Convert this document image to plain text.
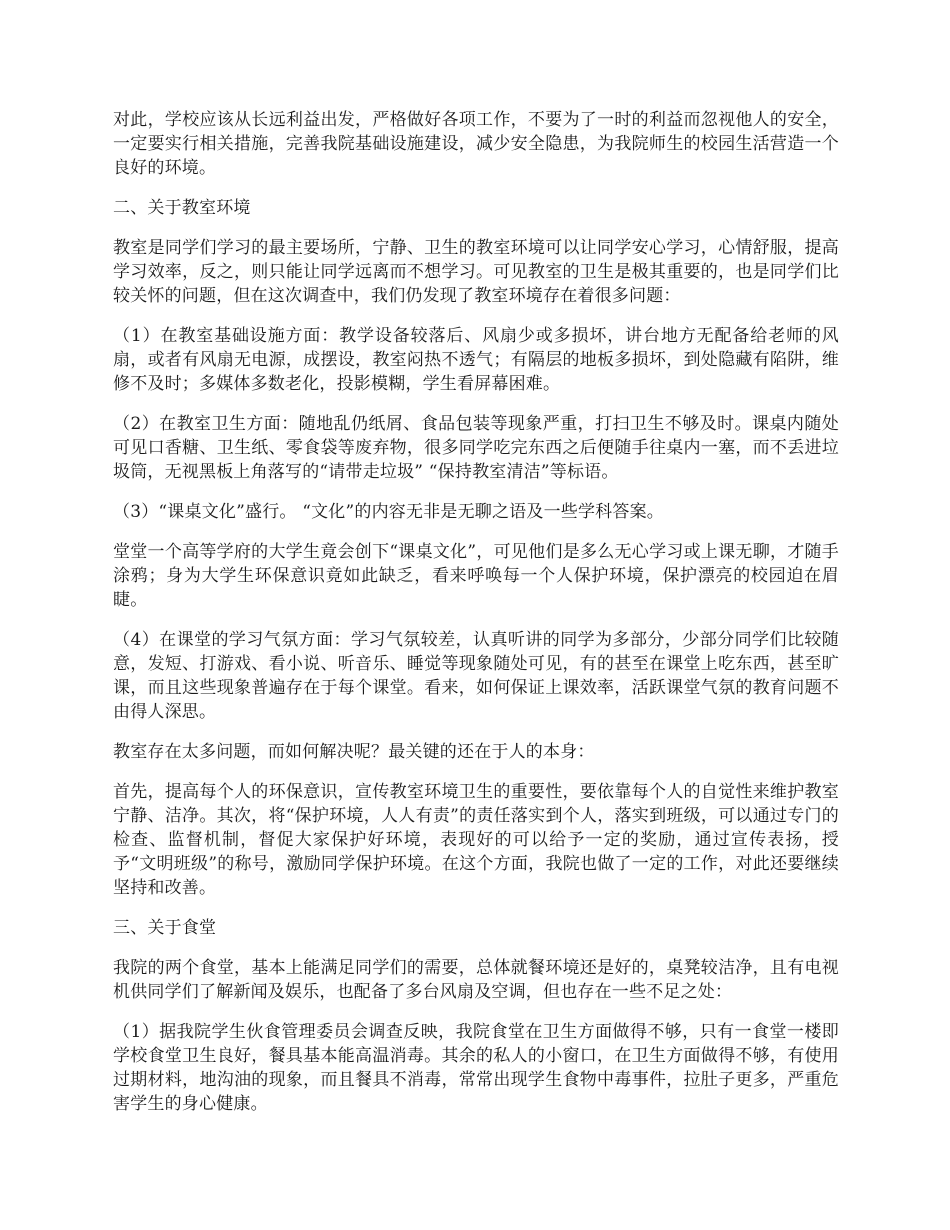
对此，学校应该从长远利益出发，严格做好各项工作，不要为了一时的利益而忽视他人的安全，一定要实行相关措施，完善我院基础设施建设，减少安全隐患，为我院师生的校园生活营造一个良好的环境。

二、关于教室环境

教室是同学们学习的最主要场所，宁静、卫生的教室环境可以让同学安心学习，心情舒服，提高学习效率，反之，则只能让同学远离而不想学习。可见教室的卫生是极其重要的，也是同学们比较关怀的问题，但在这次调查中，我们仍发现了教室环境存在着很多问题：

（1）在教室基础设施方面：教学设备较落后、风扇少或多损坏，讲台地方无配备给老师的风扇，或者有风扇无电源，成摆设，教室闷热不透气；有隔层的地板多损坏，到处隐藏有陷阱，维修不及时；多媒体多数老化，投影模糊，学生看屏幕困难。

（2）在教室卫生方面：随地乱仍纸屑、食品包装等现象严重，打扫卫生不够及时。课桌内随处可见口香糖、卫生纸、零食袋等废弃物，很多同学吃完东西之后便随手往桌内一塞，而不丢进垃圾筒，无视黑板上角落写的“请带走垃圾” “保持教室清洁”等标语。

（3）“课桌文化”盛行。 “文化”的内容无非是无聊之语及一些学科答案。

堂堂一个高等学府的大学生竟会创下“课桌文化”，可见他们是多么无心学习或上课无聊，才随手涂鸦；身为大学生环保意识竟如此缺乏，看来呼唤每一个人保护环境，保护漂亮的校园迫在眉睫。

（4）在课堂的学习气氛方面：学习气氛较差，认真听讲的同学为多部分，少部分同学们比较随意，发短、打游戏、看小说、听音乐、睡觉等现象随处可见，有的甚至在课堂上吃东西，甚至旷课，而且这些现象普遍存在于每个课堂。看来，如何保证上课效率，活跃课堂气氛的教育问题不由得人深思。

教室存在太多问题，而如何解决呢？最关键的还在于人的本身：

首先，提高每个人的环保意识，宣传教室环境卫生的重要性，要依靠每个人的自觉性来维护教室宁静、洁净。其次，将“保护环境，人人有责”的责任落实到个人，落实到班级，可以通过专门的检查、监督机制，督促大家保护好环境，表现好的可以给予一定的奖励，通过宣传表扬，授予“文明班级”的称号，激励同学保护环境。在这个方面，我院也做了一定的工作，对此还要继续坚持和改善。

三、关于食堂

我院的两个食堂，基本上能满足同学们的需要，总体就餐环境还是好的，桌凳较洁净，且有电视机供同学们了解新闻及娱乐，也配备了多台风扇及空调，但也存在一些不足之处：

（1）据我院学生伙食管理委员会调查反映，我院食堂在卫生方面做得不够，只有一食堂一楼即学校食堂卫生良好，餐具基本能高温消毒。其余的私人的小窗口，在卫生方面做得不够，有使用过期材料，地沟油的现象，而且餐具不消毒，常常出现学生食物中毒事件，拉肚子更多，严重危害学生的身心健康。
